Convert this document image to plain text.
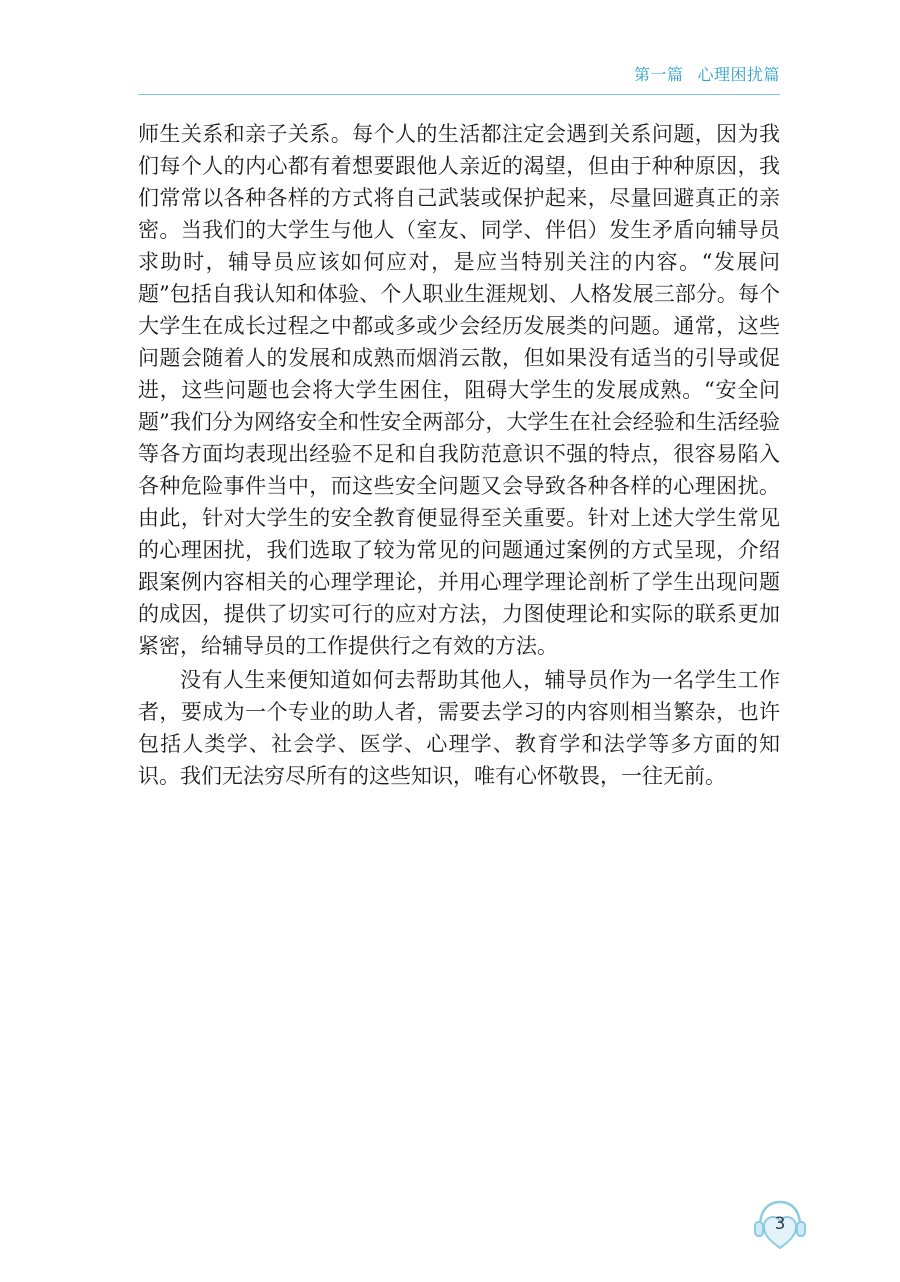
第一篇 心理困扰篇

师生关系和亲子关系。每个人的生活都注定会遇到关系问题，因为我们每个人的内心都有着想要跟他人亲近的渴望，但由于种种原因，我们常常以各种各样的方式将自己武装或保护起来，尽量回避真正的亲密。当我们的大学生与他人（室友、同学、伴侣）发生矛盾向辅导员求助时，辅导员应该如何应对，是应当特别关注的内容。“发展问题”包括自我认知和体验、个人职业生涯规划、人格发展三部分。每个大学生在成长过程之中都或多或少会经历发展类的问题。通常，这些问题会随着人的发展和成熟而烟消云散，但如果没有适当的引导或促进，这些问题也会将大学生困住，阻碍大学生的发展成熟。“安全问题”我们分为网络安全和性安全两部分，大学生在社会经验和生活经验等各方面均表现出经验不足和自我防范意识不强的特点，很容易陷入各种危险事件当中，而这些安全问题又会导致各种各样的心理困扰。由此，针对大学生的安全教育便显得至关重要。针对上述大学生常见的心理困扰，我们选取了较为常见的问题通过案例的方式呈现，介绍跟案例内容相关的心理学理论，并用心理学理论剖析了学生出现问题的成因，提供了切实可行的应对方法，力图使理论和实际的联系更加紧密，给辅导员的工作提供行之有效的方法。

没有人生来便知道如何去帮助其他人，辅导员作为一名学生工作者，要成为一个专业的助人者，需要去学习的内容则相当繁杂，也许包括人类学、社会学、医学、心理学、教育学和法学等多方面的知识。我们无法穷尽所有的这些知识，唯有心怀敬畏，一往无前。

3
